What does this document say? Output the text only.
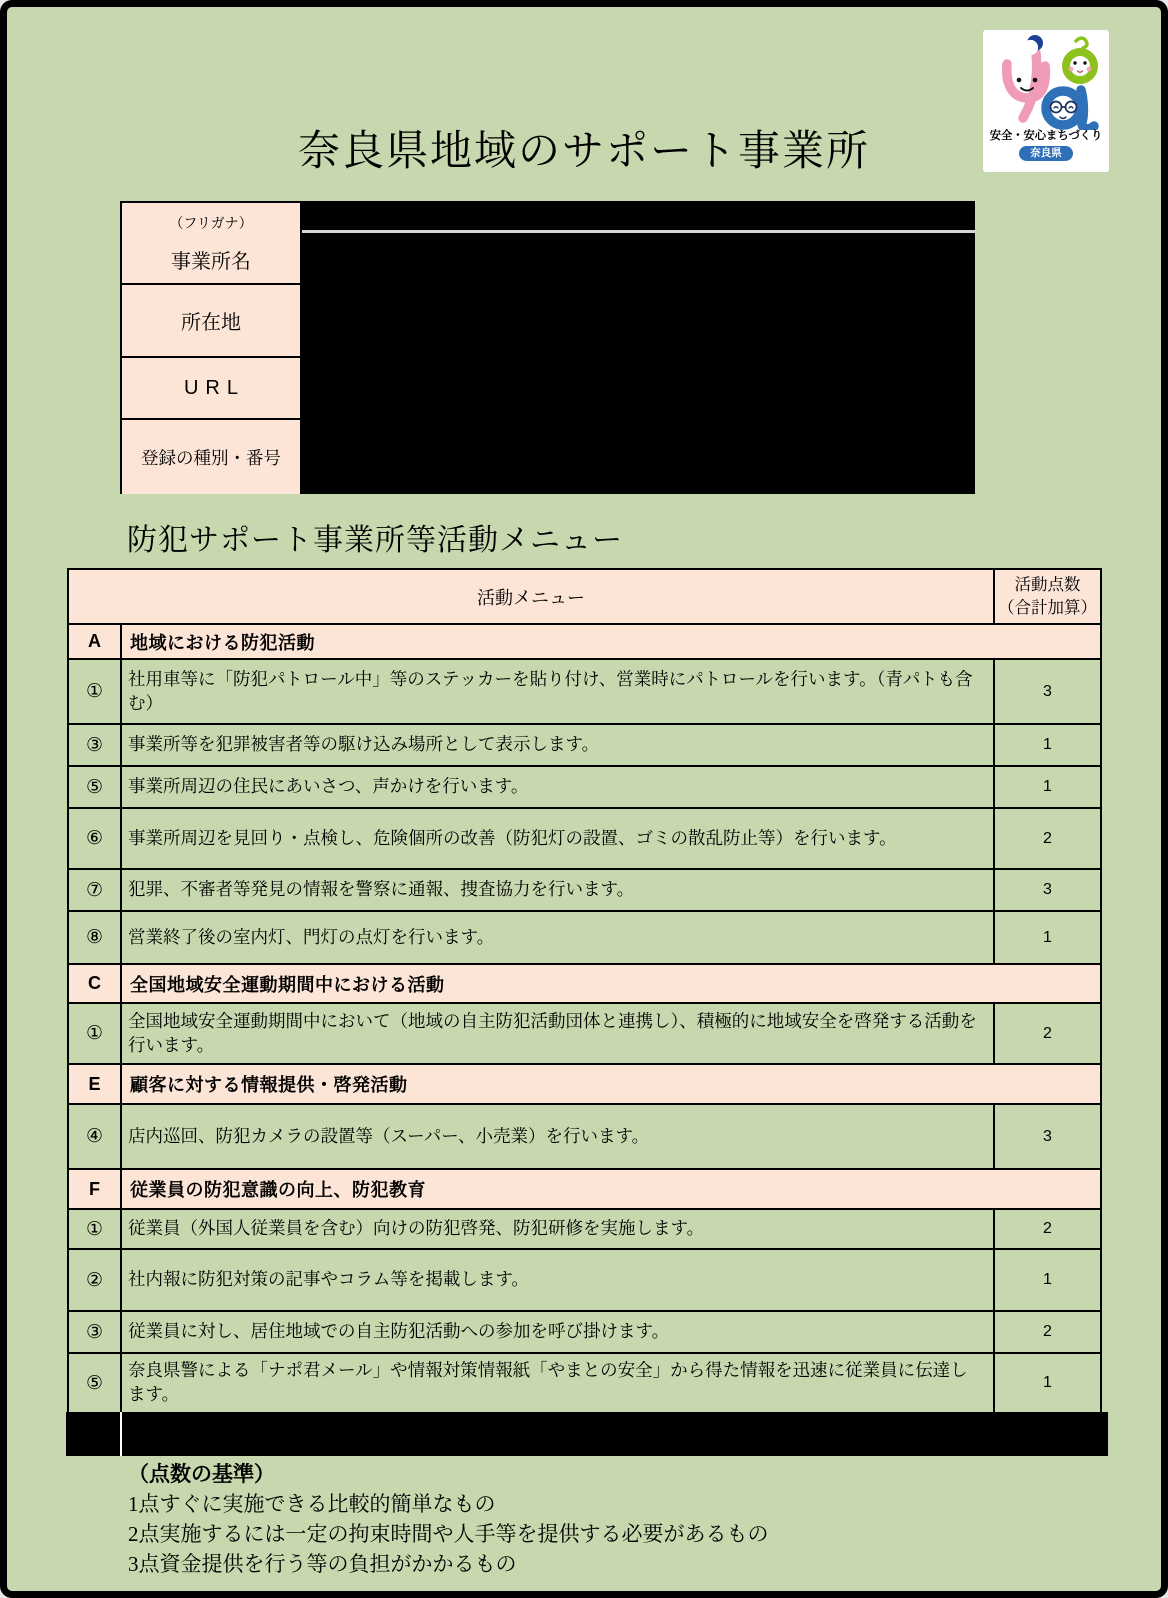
奈良県地域のサポート事業所	安全・安心まちづくり
奈良県
（フリガナ）
事業所名
所在地
URL
登録の種別・番号
防犯サポート事業所等活動メニュー
活動メニュー		活動点数
（合計加算）

A	地域における防犯活動	
①	社用車等に「防犯パトロール中」等のステッカーを貼り付け、営業時にパトロールを行います。（青パトも含む）	3
③	事業所等を犯罪被害者等の駆け込み場所として表示します。	1
⑤	事業所周辺の住民にあいさつ、声かけを行います。	1
⑥	事業所周辺を見回り・点検し、危険個所の改善（防犯灯の設置、ゴミの散乱防止等）を行います。	2
⑦	犯罪、不審者等発見の情報を警察に通報、捜査協力を行います。	3
⑧	営業終了後の室内灯、門灯の点灯を行います。	1
C	全国地域安全運動期間中における活動	
①	全国地域安全運動期間中において（地域の自主防犯活動団体と連携し）、積極的に地域安全を啓発する活動を行います。	2
E	顧客に対する情報提供・啓発活動	
④	店内巡回、防犯カメラの設置等（スーパー、小売業）を行います。	3
F	従業員の防犯意識の向上、防犯教育	
①	従業員（外国人従業員を含む）向けの防犯啓発、防犯研修を実施します。	2
②	社内報に防犯対策の記事やコラム等を掲載します。	1
③	従業員に対し、居住地域での自主防犯活動への参加を呼び掛けます。	2
⑤	奈良県警による「ナポ君メール」や情報対策情報紙「やまとの安全」から得た情報を迅速に従業員に伝達します。	1
（点数の基準）
1点すぐに実施できる比較的簡単なもの
2点実施するには一定の拘束時間や人手等を提供する必要があるもの
3点資金提供を行う等の負担がかかるもの
